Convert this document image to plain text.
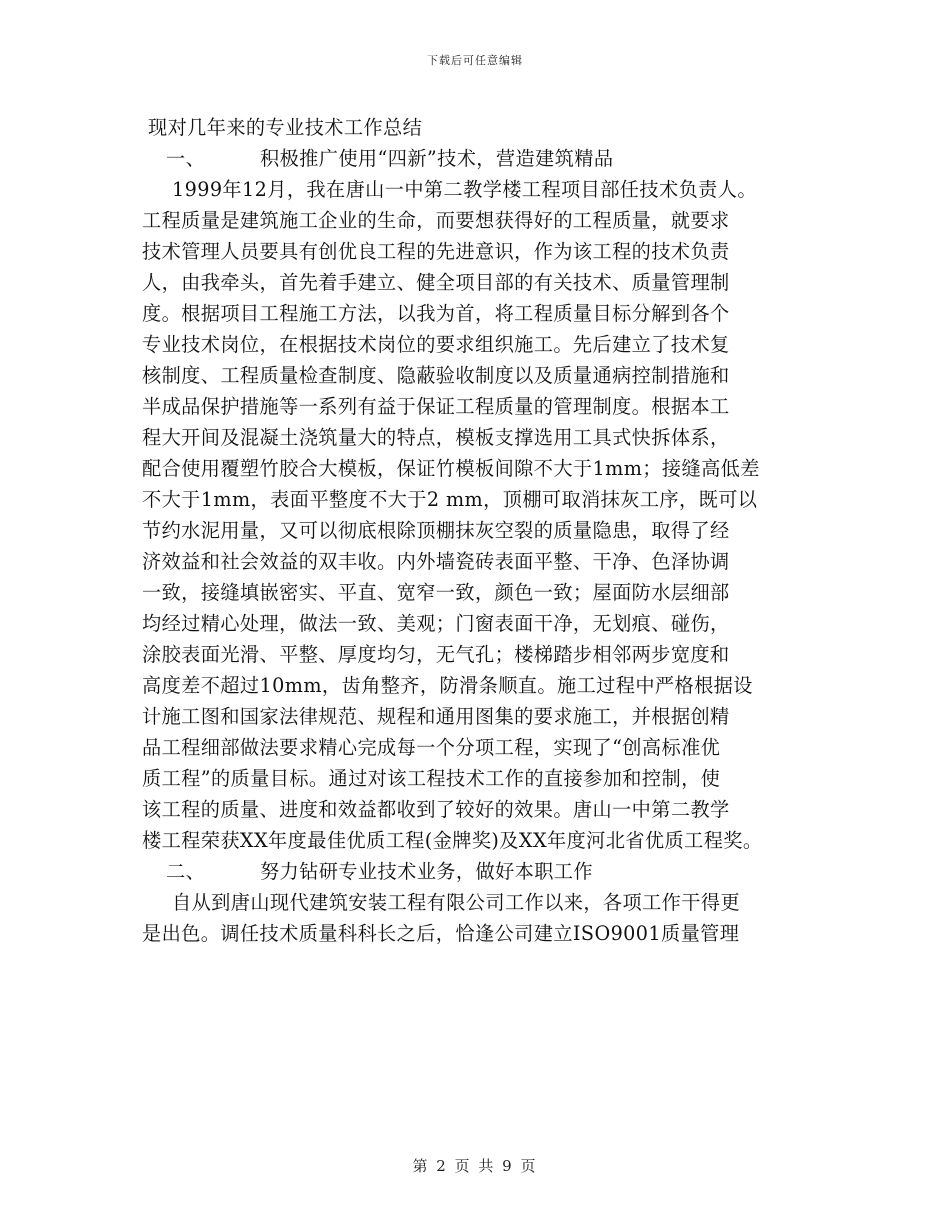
下载后可任意编辑
现对几年来的专业技术工作总结
一、	积极推广使用“四新”技术，营造建筑精品
1999年12月，我在唐山一中第二教学楼工程项目部任技术负责人。
工程质量是建筑施工企业的生命，而要想获得好的工程质量，就要求
技术管理人员要具有创优良工程的先进意识，作为该工程的技术负责
人，由我牵头，首先着手建立、健全项目部的有关技术、质量管理制
度。根据项目工程施工方法，以我为首，将工程质量目标分解到各个
专业技术岗位，在根据技术岗位的要求组织施工。先后建立了技术复
核制度、工程质量检查制度、隐蔽验收制度以及质量通病控制措施和
半成品保护措施等一系列有益于保证工程质量的管理制度。根据本工
程大开间及混凝土浇筑量大的特点，模板支撑选用工具式快拆体系，
配合使用覆塑竹胶合大模板，保证竹模板间隙不大于1mm；接缝高低差
不大于1mm，表面平整度不大于2 mm，顶棚可取消抹灰工序，既可以
节约水泥用量，又可以彻底根除顶棚抹灰空裂的质量隐患，取得了经
济效益和社会效益的双丰收。内外墙瓷砖表面平整、干净、色泽协调
一致，接缝填嵌密实、平直、宽窄一致，颜色一致；屋面防水层细部
均经过精心处理，做法一致、美观；门窗表面干净，无划痕、碰伤，
涂胶表面光滑、平整、厚度均匀，无气孔；楼梯踏步相邻两步宽度和
高度差不超过10mm，齿角整齐，防滑条顺直。施工过程中严格根据设
计施工图和国家法律规范、规程和通用图集的要求施工，并根据创精
品工程细部做法要求精心完成每一个分项工程，实现了“创高标准优
质工程”的质量目标。通过对该工程技术工作的直接参加和控制，使
该工程的质量、进度和效益都收到了较好的效果。唐山一中第二教学
楼工程荣获XX年度最佳优质工程(金牌奖)及XX年度河北省优质工程奖。
二、	努力钻研专业技术业务，做好本职工作
自从到唐山现代建筑安装工程有限公司工作以来，各项工作干得更
是出色。调任技术质量科科长之后，恰逢公司建立ISO9001质量管理
第 2 页 共 9 页
